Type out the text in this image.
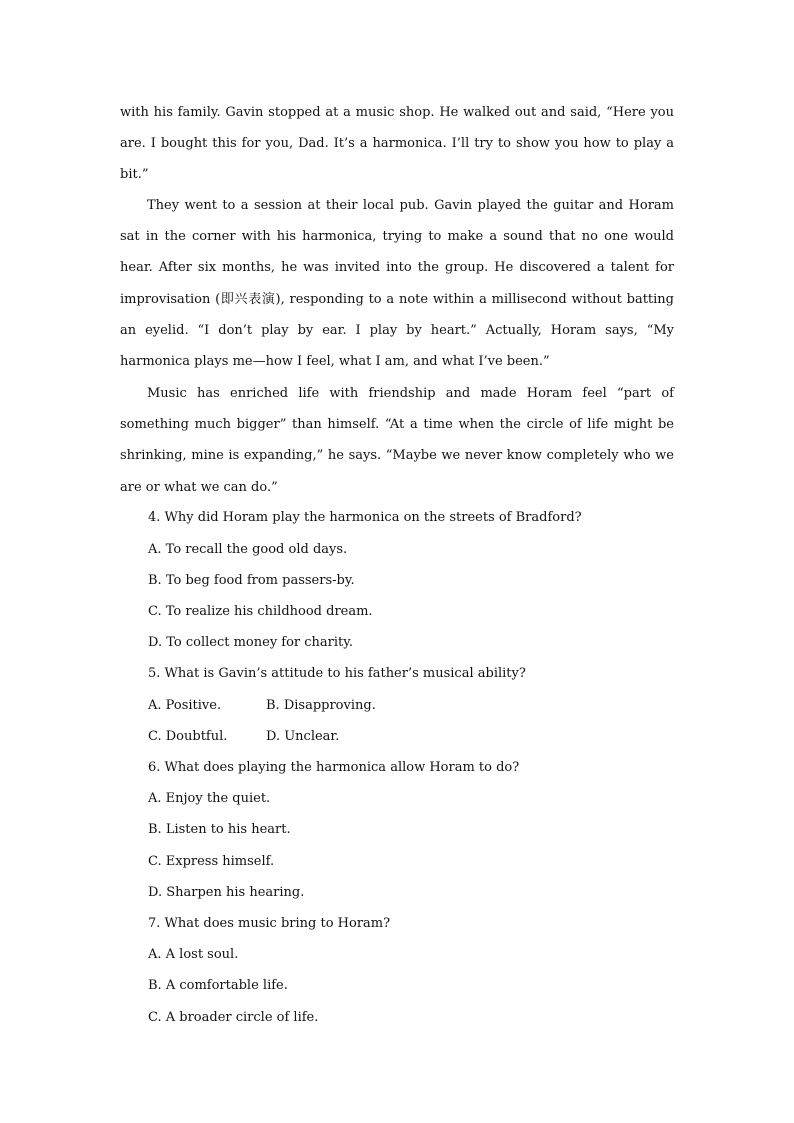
with his family. Gavin stopped at a music shop. He walked out and said, “Here you are. I bought this for you, Dad. It’s a harmonica. I’ll try to show you how to play a bit.”

They went to a session at their local pub. Gavin played the guitar and Horam sat in the corner with his harmonica, trying to make a sound that no one would hear. After six months, he was invited into the group. He discovered a talent for improvisation (即兴表演), responding to a note within a millisecond without batting an eyelid. “I don’t play by ear. I play by heart.” Actually, Horam says, “My harmonica plays me—how I feel, what I am, and what I’ve been.”

Music has enriched life with friendship and made Horam feel “part of something much bigger” than himself. “At a time when the circle of life might be shrinking, mine is expanding,” he says. “Maybe we never know completely who we are or what we can do.”

4. Why did Horam play the harmonica on the streets of Bradford?

A. To recall the good old days.

B. To beg food from passers-by.

C. To realize his childhood dream.

D. To collect money for charity.

5. What is Gavin’s attitude to his father’s musical ability?

A. Positive.	B. Disapproving.

C. Doubtful.	D. Unclear.

6. What does playing the harmonica allow Horam to do?

A. Enjoy the quiet.

B. Listen to his heart.

C. Express himself.

D. Sharpen his hearing.

7. What does music bring to Horam?

A. A lost soul.

B. A comfortable life.

C. A broader circle of life.
